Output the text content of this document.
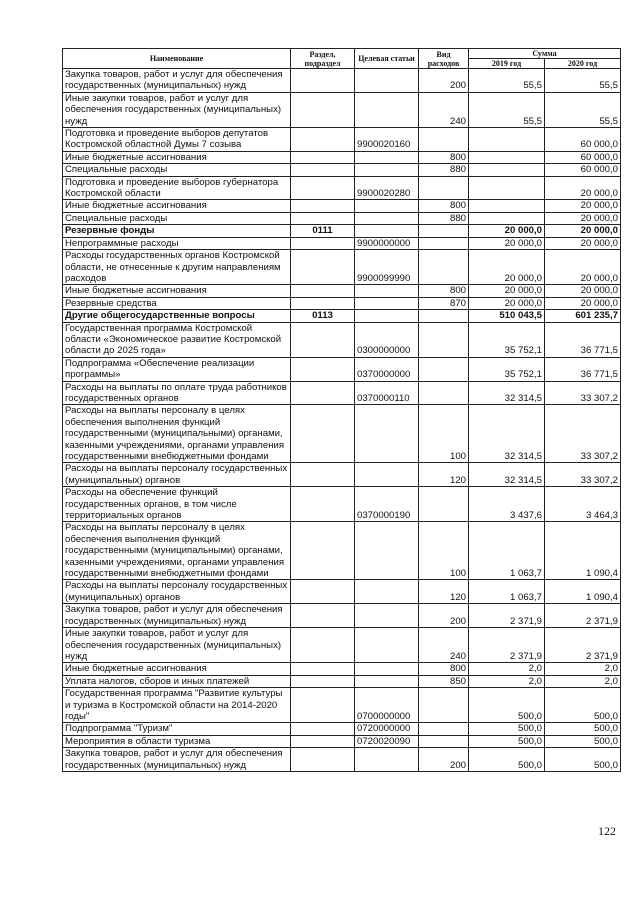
Наименование	Раздел, подраздел	Целевая статьи	Вид расходов	Сумма	
				2019 год	2020 год
Закупка товаров, работ и услуг для обеспечения государственных (муниципальных) нужд			200	55,5	55,5
Иные закупки товаров, работ и услуг для обеспечения государственных (муниципальных) нужд			240	55,5	55,5
Подготовка и проведение выборов депутатов Костромской областной Думы 7 созыва		9900020160			60 000,0
Иные бюджетные ассигнования			800		60 000,0
Специальные расходы			880		60 000,0
Подготовка и проведение выборов губернатора Костромской области		9900020280			20 000,0
Иные бюджетные ассигнования			800		20 000,0
Специальные расходы			880		20 000,0
Резервные фонды	0111			20 000,0	20 000,0
Непрограммные расходы		9900000000		20 000,0	20 000,0
Расходы государственных органов Костромской области, не отнесенные к другим направлениям расходов		9900099990		20 000,0	20 000,0
Иные бюджетные ассигнования			800	20 000,0	20 000,0
Резервные средства			870	20 000,0	20 000,0
Другие общегосударственные вопросы	0113			510 043,5	601 235,7
Государственная программа Костромской области «Экономическое развитие Костромской области до 2025 года»		0300000000		35 752,1	36 771,5
Подпрограмма «Обеспечение реализации программы»		0370000000		35 752,1	36 771,5
Расходы на выплаты по оплате труда работников государственных органов		0370000110		32 314,5	33 307,2
Расходы на выплаты персоналу в целях обеспечения выполнения функций государственными (муниципальными) органами, казенными учреждениями, органами управления государственными внебюджетными фондами			100	32 314,5	33 307,2
Расходы на выплаты персоналу государственных (муниципальных) органов			120	32 314,5	33 307,2
Расходы на обеспечение функций государственных органов, в том числе территориальных органов		0370000190		3 437,6	3 464,3
Расходы на выплаты персоналу в целях обеспечения выполнения функций государственными (муниципальными) органами, казенными учреждениями, органами управления государственными внебюджетными фондами			100	1 063,7	1 090,4
Расходы на выплаты персоналу государственных (муниципальных) органов			120	1 063,7	1 090,4
Закупка товаров, работ и услуг для обеспечения государственных (муниципальных) нужд			200	2 371,9	2 371,9
Иные закупки товаров, работ и услуг для обеспечения государственных (муниципальных) нужд			240	2 371,9	2 371,9
Иные бюджетные ассигнования			800	2,0	2,0
Уплата налогов, сборов и иных платежей			850	2,0	2,0
Государственная программа "Развитие культуры и туризма в Костромской области на 2014-2020 годы"		0700000000		500,0	500,0
Подпрограмма "Туризм"		0720000000		500,0	500,0
Мероприятия в области туризма		0720020090		500,0	500,0
Закупка товаров, работ и услуг для обеспечения государственных (муниципальных) нужд			200	500,0	500,0
122
